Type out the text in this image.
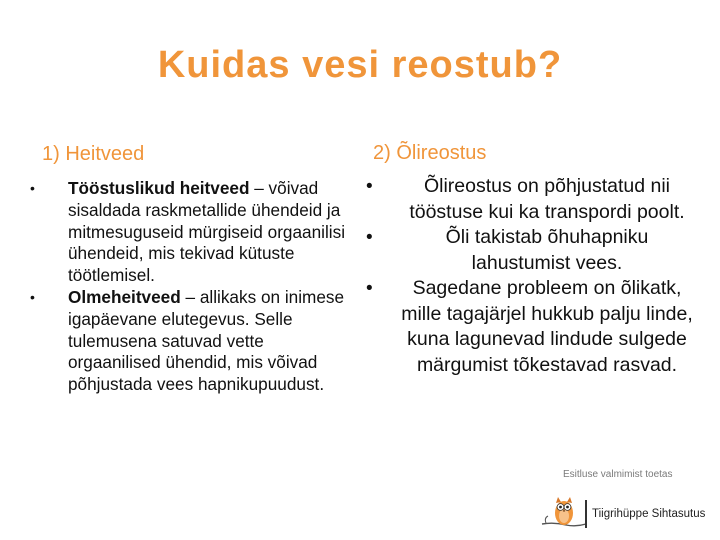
Kuidas vesi reostub?
1) Heitveed	2) Õlireostus
• Tööstuslikud heitveed – võivad sisaldada raskmetallide ühendeid ja mitmesuguseid mürgiseid orgaanilisi ühendeid, mis tekivad kütuste töötlemisel.
• Olmeheitveed – allikaks on inimese igapäevane elutegevus. Selle tulemusena satuvad vette orgaanilised ühendid, mis võivad põhjustada vees hapnikupuudust.
•	Õlireostus on põhjustatud nii tööstuse kui ka transpordi poolt.
•	Õli takistab õhuhapniku lahustumist vees.
• Sagedane probleem on õlikatk, mille tagajärjel hukkub palju linde, kuna lagunevad lindude sulgede märgumist tõkestavad rasvad.
Esitluse valmimist toetas
Tiigrihüppe Sihtasutus
